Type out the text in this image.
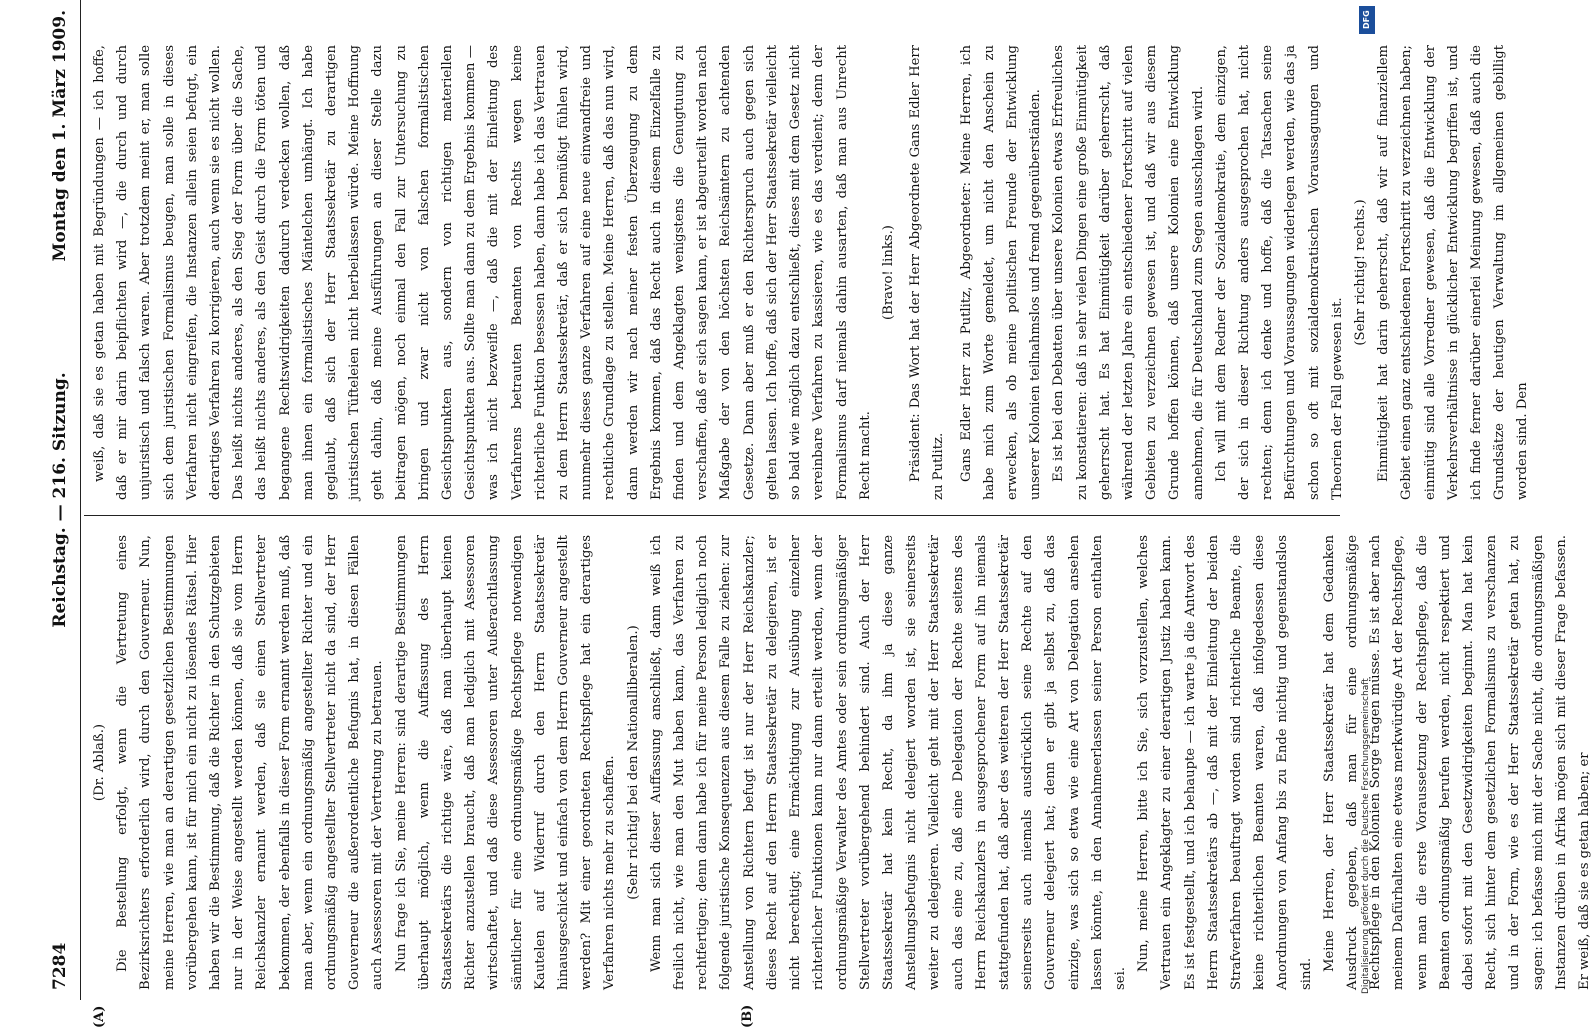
7284
Reichstag. — 216. Sitzung.
Montag den 1. März 1909.
(A)	(B)

(Dr. Ablaß.) Die Bestellung erfolgt, wenn die Vertretung eines Bezirksrichters erforderlich wird, durch den Gouverneur. Nun, meine Herren, wie man an derartigen gesetzlichen Bestimmungen vorübergehen kann, ist für mich ein nicht zu lösendes Rätsel. Hier haben wir die Bestimmung, daß die Richter in den Schutzgebieten nur in der Weise angestellt werden können, daß sie vom Herrn Reichskanzler ernannt werden, daß sie einen Stellvertreter bekommen, der ebenfalls in dieser Form ernannt werden muß, daß man aber, wenn ein ordnungsmäßig angestellter Richter und ein ordnungsmäßig angestellter Stellvertreter nicht da sind, der Herr Gouverneur die außerordentliche Befugnis hat, in diesen Fällen auch Assessoren mit der Vertretung zu betrauen. Nun frage ich Sie, meine Herren: sind derartige Bestimmungen überhaupt möglich, wenn die Auffassung des Herrn Staatssekretärs die richtige wäre, daß man überhaupt keinen Richter anzustellen braucht, daß man lediglich mit Assessoren wirtschaftet, und daß diese Assessoren unter Außerachtlassung sämtlicher für eine ordnungsmäßige Rechtspflege notwendigen Kautelen auf Widerruf durch den Herrn Staatssekretär hinausgeschickt und einfach von dem Herrn Gouverneur angestellt werden? Mit einer geordneten Rechtspflege hat ein derartiges Verfahren nichts mehr zu schaffen. (Sehr richtig! bei den Nationalliberalen.) Wenn man sich dieser Auffassung anschließt, dann weiß ich freilich nicht, wie man den Mut haben kann, das Verfahren zu rechtfertigen; denn dann habe ich für meine Person lediglich noch folgende juristische Konsequenzen aus diesem Falle zu ziehen: zur Anstellung von Richtern befugt ist nur der Herr Reichskanzler; dieses Recht auf den Herrn Staatssekretär zu delegieren, ist er nicht berechtigt; eine Ermächtigung zur Ausübung einzelner richterlicher Funktionen kann nur dann erteilt werden, wenn der ordnungsmäßige Verwalter des Amtes oder sein ordnungsmäßiger Stellvertreter vorübergehend behindert sind. Auch der Herr Staatssekretär hat kein Recht, da ihm ja diese ganze Anstellungsbefugnis nicht delegiert worden ist, sie seinerseits weiter zu delegieren. Vielleicht geht mit der Herr Staatssekretär auch das eine zu, daß eine Delegation der Rechte seitens des Herrn Reichskanzlers in ausgesprochener Form auf ihn niemals stattgefunden hat, daß aber des weiteren der Herr Staatssekretär seinerseits auch niemals ausdrücklich seine Rechte auf den Gouverneur delegiert hat; denn er gibt ja selbst zu, daß das einzige, was sich so etwa wie eine Art von Delegation ansehen lassen könnte, in den Annahmeerlassen seiner Person enthalten sei.

Nun, meine Herren, bitte ich Sie, sich vorzustellen, welches Vertrauen ein Angeklagter zu einer derartigen Justiz haben kann. Es ist festgestellt, und ich behaupte — ich warte ja die Antwort des Herrn Staatssekretärs ab —, daß mit der Einleitung der beiden Strafverfahren beauftragt worden sind richterliche Beamte, die keine richterlichen Beamten waren, daß infolgedessen diese Anordnungen von Anfang bis zu Ende nichtig und gegenstandslos sind.

Meine Herren, der Herr Staatssekretär hat dem Gedanken Ausdruck gegeben, daß man für eine ordnungsmäßige Rechtspflege in den Kolonien Sorge tragen müsse. Es ist aber nach meinem Dafürhalten eine etwas merkwürdige Art der Rechtspflege, wenn man die erste Voraussetzung der Rechtspflege, daß die Beamten ordnungsmäßig berufen werden, nicht respektiert und dabei sofort mit den Gesetzwidrigkeiten beginnt. Man hat kein Recht, sich hinter dem gesetzlichen Formalismus zu verschanzen und in der Form, wie es der Herr Staatssekretär getan hat, zu sagen: ich befasse mich mit der Sache nicht, die ordnungsmäßigen Instanzen drüben in Afrika mögen sich mit dieser Frage befassen. Er weiß, daß sie es getan haben; er

weiß, daß sie es getan haben mit Begründungen — ich hoffe, daß er mir darin beipflichten wird —, die durch und durch unjuristisch und falsch waren. Aber trotzdem meint er, man solle sich dem juristischen Formalismus beugen, man solle in dieses Verfahren nicht eingreifen, die Instanzen allein seien befugt, ein derartiges Verfahren zu korrigieren, auch wenn sie es nicht wollen. Das heißt nichts anderes, als den Sieg der Form über die Sache, das heißt nichts anderes, als den Geist durch die Form töten und begangene Rechtswidrigkeiten dadurch verdecken wollen, daß man ihnen ein formalistisches Mäntelchen umhängt. Ich habe geglaubt, daß sich der Herr Staatssekretär zu derartigen juristischen Tüfteleien nicht herbeilassen würde. Meine Hoffnung geht dahin, daß meine Ausführungen an dieser Stelle dazu beitragen mögen, noch einmal den Fall zur Untersuchung zu bringen und zwar nicht von falschen formalistischen Gesichtspunkten aus, sondern von richtigen materiellen Gesichtspunkten aus. Sollte man dann zu dem Ergebnis kommen — was ich nicht bezweifle —, daß die mit der Einleitung des Verfahrens betrauten Beamten von Rechts wegen keine richterliche Funktion besessen haben, dann habe ich das Vertrauen zu dem Herrn Staatssekretär, daß er sich bemüßigt fühlen wird, nunmehr dieses ganze Verfahren auf eine neue einwandfreie und rechtliche Grundlage zu stellen. Meine Herren, daß das nun wird, dann werden wir nach meiner festen Überzeugung zu dem Ergebnis kommen, daß das Recht auch in diesem Einzelfalle zu finden und dem Angeklagten wenigstens die Genugtuung zu verschaffen, daß er sich sagen kann, er ist abgeurteilt worden nach Maßgabe der von den höchsten Reichsämtern zu achtenden Gesetze. Dann aber muß er den Richterspruch auch gegen sich gelten lassen. Ich hoffe, daß sich der Herr Staatssekretär vielleicht so bald wie möglich dazu entschließt, dieses mit dem Gesetz nicht vereinbare Verfahren zu kassieren, wie es das verdient; denn der Formalismus darf niemals dahin ausarten, daß man aus Unrecht Recht macht.

(Bravo! links.) Präsident: Das Wort hat der Herr Abgeordnete Gans Edler Herr zu Putlitz. Gans Edler Herr zu Putlitz, Abgeordneter: Meine Herren, ich habe mich zum Worte gemeldet, um nicht den Anschein zu erwecken, als ob meine politischen Freunde der Entwicklung unserer Kolonien teilnahmslos und fremd gegenüberständen. Es ist bei den Debatten über unsere Kolonien etwas Erfreuliches zu konstatieren: daß in sehr vielen Dingen eine große Einmütigkeit geherrscht hat. Es hat Einmütigkeit darüber geherrscht, daß während der letzten Jahre ein entschiedener Fortschritt auf vielen Gebieten zu verzeichnen gewesen ist, und daß wir aus diesem Grunde hoffen können, daß unsere Kolonien eine Entwicklung annehmen, die für Deutschland zum Segen ausschlagen wird. Ich will mit dem Redner der Sozialdemokratie, dem einzigen, der sich in dieser Richtung anders ausgesprochen hat, nicht rechten; denn ich denke und hoffe, daß die Tatsachen seine Befürchtungen und Voraussagungen widerlegen werden, wie das ja schon so oft mit sozialdemokratischen Voraussagungen und Theorien der Fall gewesen ist.

(Sehr richtig! rechts.) Einmütigkeit hat darin geherrscht, daß wir auf finanziellem Gebiet einen ganz entschiedenen Fortschritt zu verzeichnen haben; einmütig sind alle Vorredner gewesen, daß die Entwicklung der Verkehrsverhältnisse in glücklicher Entwicklung begriffen ist, und ich finde ferner darüber einerlei Meinung gewesen, daß auch die Grundsätze der heutigen Verwaltung im allgemeinen gebilligt worden sind. Den

DFG
Digitalisierung gefördert durch die Deutsche Forschungsgemeinschaft
